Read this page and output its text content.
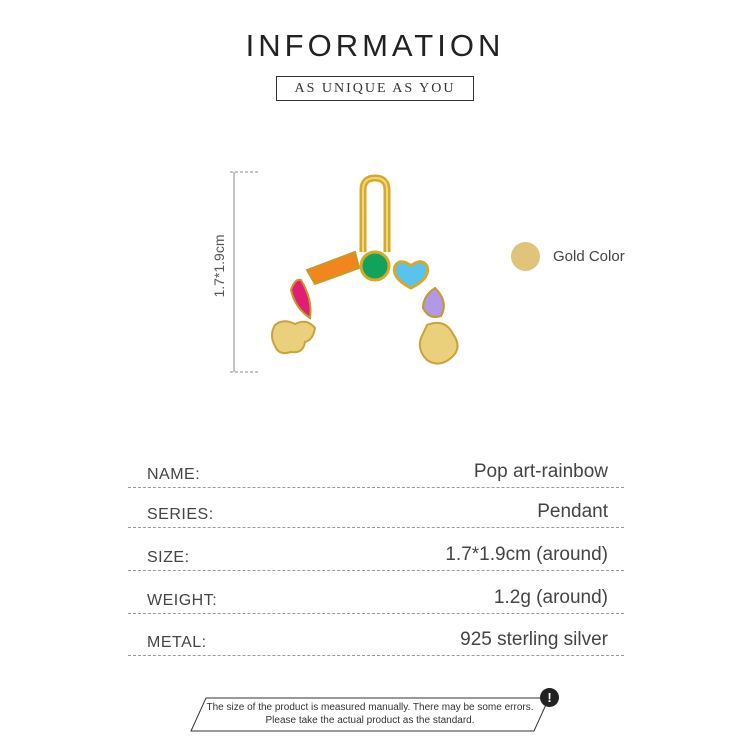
INFORMATION
AS UNIQUE AS YOU
1.7*1.9cm	Gold Color
NAME:	Pop art-rainbow
SERIES:	Pendant
SIZE:	1.7*1.9cm (around)
WEIGHT:	1.2g (around)
METAL:	925 sterling silver
The size of the product is measured manually. There may be some errors.
Please take the actual product as the standard.
!
